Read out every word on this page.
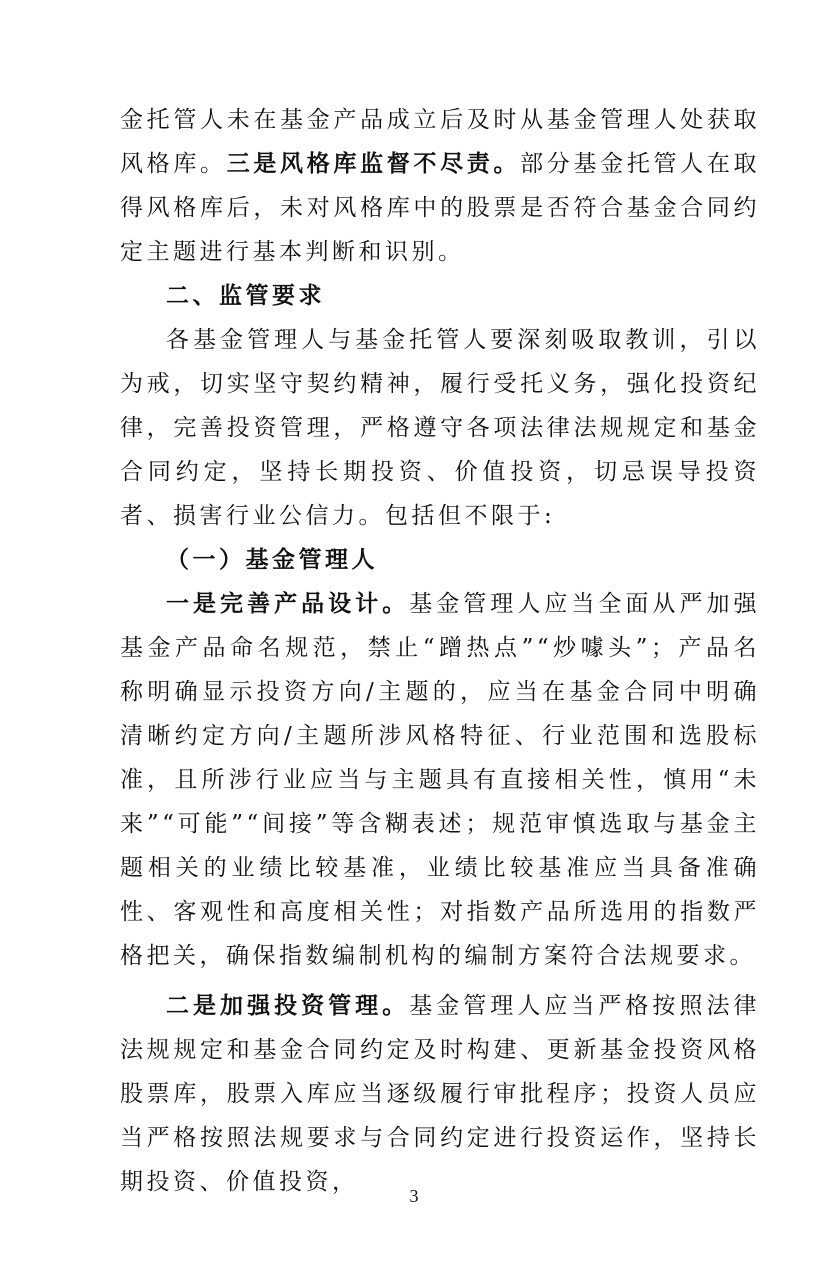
金托管人未在基金产品成立后及时从基金管理人处获取风格库。三是风格库监督不尽责。部分基金托管人在取得风格库后，未对风格库中的股票是否符合基金合同约定主题进行基本判断和识别。

二、监管要求

各基金管理人与基金托管人要深刻吸取教训，引以为戒，切实坚守契约精神，履行受托义务，强化投资纪律，完善投资管理，严格遵守各项法律法规规定和基金合同约定，坚持长期投资、价值投资，切忌误导投资者、损害行业公信力。包括但不限于:

（一）基金管理人

一是完善产品设计。基金管理人应当全面从严加强基金产品命名规范，禁止“蹭热点”“炒噱头”；产品名称明确显示投资方向/主题的，应当在基金合同中明确清晰约定方向/主题所涉风格特征、行业范围和选股标准，且所涉行业应当与主题具有直接相关性，慎用“未来”“可能”“间接”等含糊表述；规范审慎选取与基金主题相关的业绩比较基准，业绩比较基准应当具备准确性、客观性和高度相关性；对指数产品所选用的指数严格把关，确保指数编制机构的编制方案符合法规要求。

二是加强投资管理。基金管理人应当严格按照法律法规规定和基金合同约定及时构建、更新基金投资风格股票库，股票入库应当逐级履行审批程序；投资人员应当严格按照法规要求与合同约定进行投资运作，坚持长期投资、价值投资，

3
